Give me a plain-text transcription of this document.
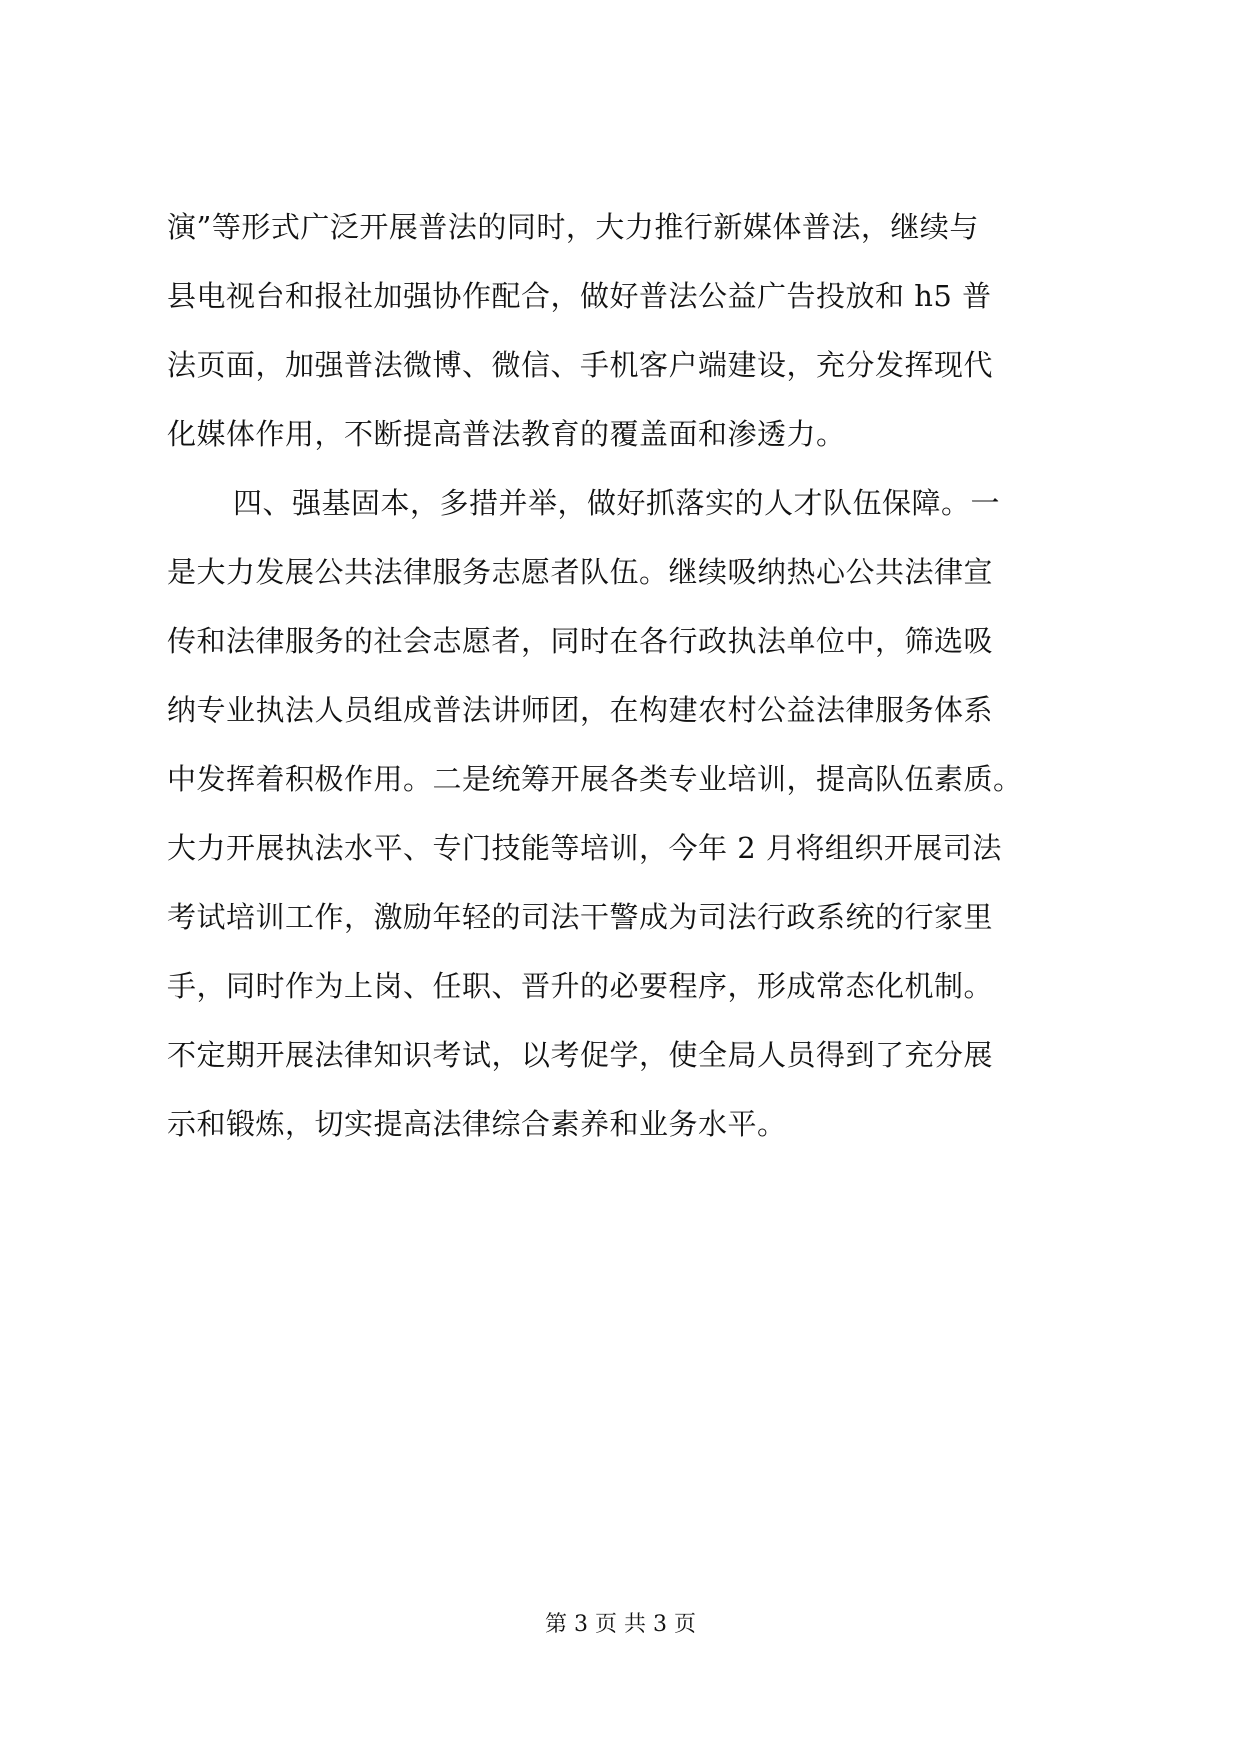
演”等形式广泛开展普法的同时，大力推行新媒体普法，继续与
县电视台和报社加强协作配合，做好普法公益广告投放和 h5 普
法页面，加强普法微博、微信、手机客户端建设，充分发挥现代
化媒体作用，不断提高普法教育的覆盖面和渗透力。
四、强基固本，多措并举，做好抓落实的人才队伍保障。一
是大力发展公共法律服务志愿者队伍。继续吸纳热心公共法律宣
传和法律服务的社会志愿者，同时在各行政执法单位中，筛选吸
纳专业执法人员组成普法讲师团，在构建农村公益法律服务体系
中发挥着积极作用。二是统筹开展各类专业培训，提高队伍素质。
大力开展执法水平、专门技能等培训，今年 2 月将组织开展司法
考试培训工作，激励年轻的司法干警成为司法行政系统的行家里
手，同时作为上岗、任职、晋升的必要程序，形成常态化机制。
不定期开展法律知识考试，以考促学，使全局人员得到了充分展
示和锻炼，切实提高法律综合素养和业务水平。
第 3 页 共 3 页
